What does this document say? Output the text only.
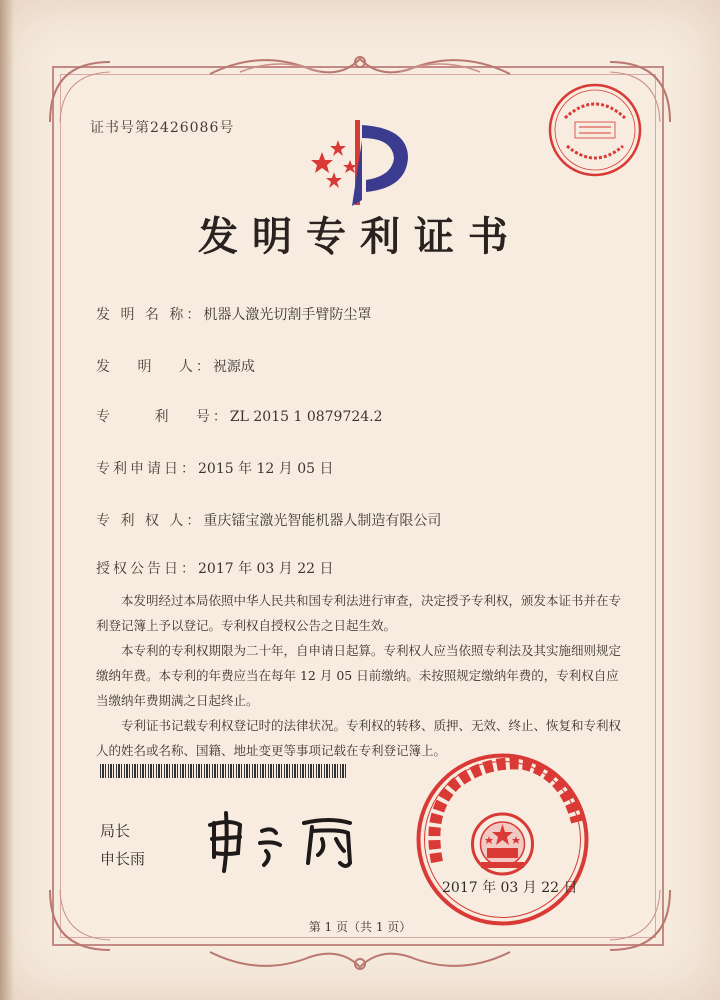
证书号第2426086号
发明专利证书
发 明 名 称：机器人激光切割手臂防尘罩
发　 明　 人：祝源成
专　　 利　 号：ZL 2015 1 0879724.2
专利申请日：2015 年 12 月 05 日
专 利 权 人：重庆镭宝激光智能机器人制造有限公司
授权公告日：2017 年 03 月 22 日

本发明经过本局依照中华人民共和国专利法进行审查，决定授予专利权，颁发本证书并在专利登记簿上予以登记。专利权自授权公告之日起生效。

本专利的专利权期限为二十年，自申请日起算。专利权人应当依照专利法及其实施细则规定缴纳年费。本专利的年费应当在每年 12 月 05 日前缴纳。未按照规定缴纳年费的，专利权自应当缴纳年费期满之日起终止。

专利证书记载专利权登记时的法律状况。专利权的转移、质押、无效、终止、恢复和专利权人的姓名或名称、国籍、地址变更等事项记载在专利登记簿上。

局长
申长雨
2017 年 03 月 22 日
第 1 页（共 1 页）
